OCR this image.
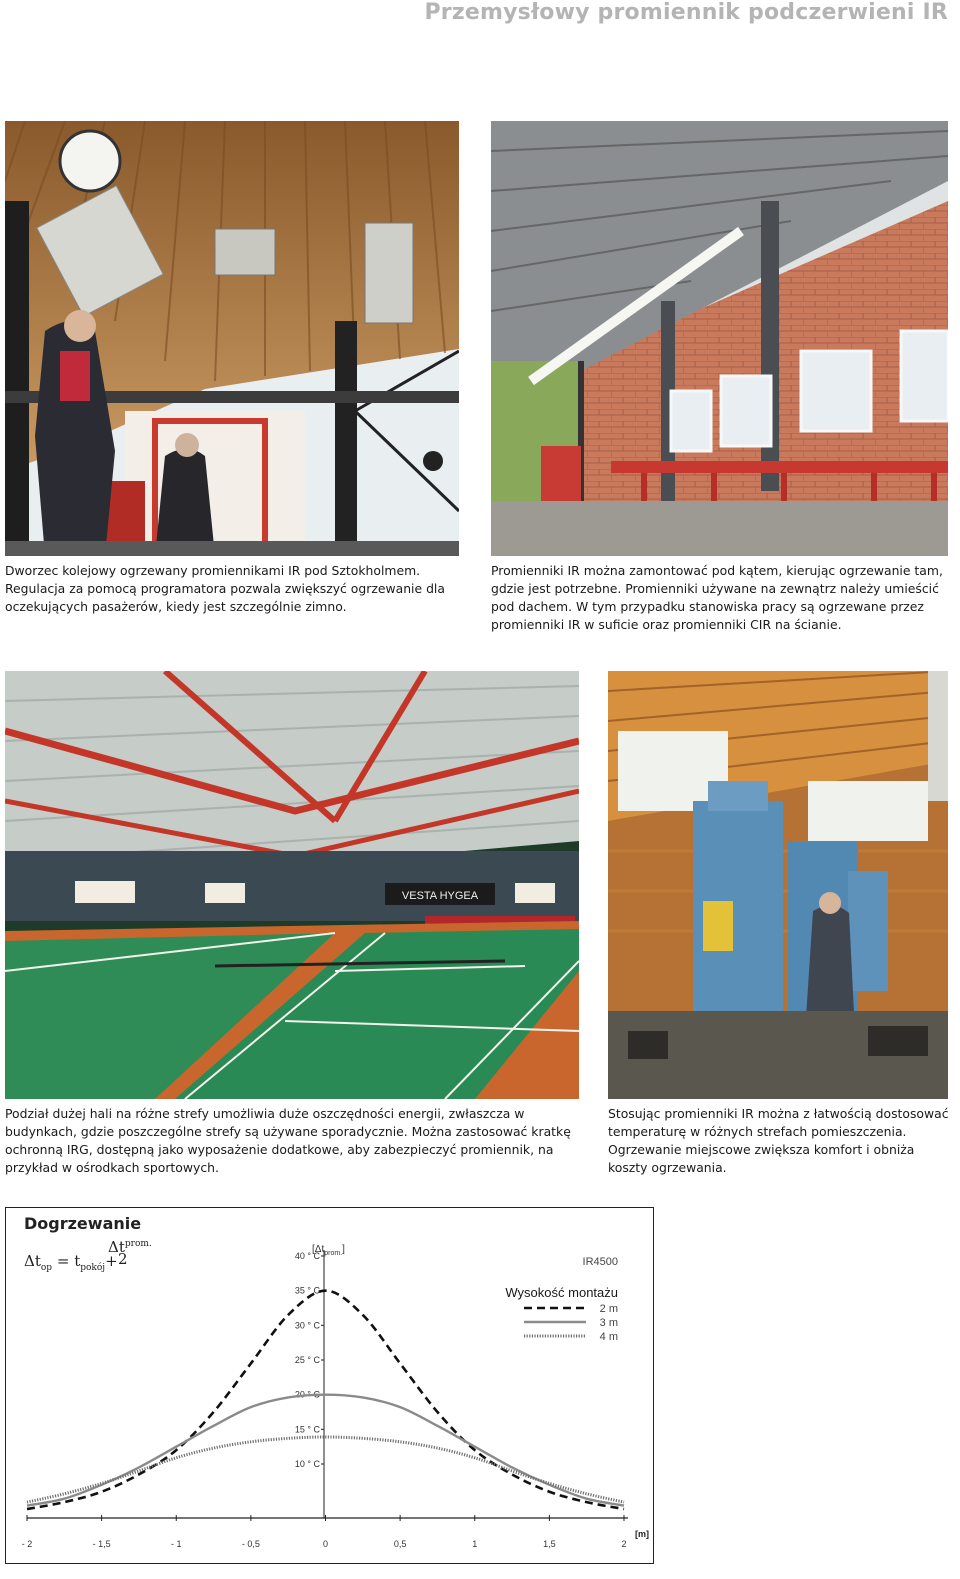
Przemysłowy promiennik podczerwieni IR

Dworzec kolejowy ogrzewany promiennikami IR pod Sztokholmem. Regulacja za pomocą programatora pozwala zwiększyć ogrzewanie dla oczekujących pasażerów, kiedy jest szczególnie zimno.

Promienniki IR można zamontować pod kątem, kierując ogrzewanie tam, gdzie jest potrzebne. Promienniki używane na zewnątrz należy umieścić pod dachem. W tym przypadku stanowiska pracy są ogrzewane przez promienniki IR w suficie oraz promienniki CIR na ścianie.

VESTA HYGEA

Podział dużej hali na różne strefy umożliwia duże oszczędności energii, zwłaszcza w budynkach, gdzie poszczególne strefy są używane sporadycznie. Można zastosować kratkę ochronną IRG, dostępną jako wyposażenie dodatkowe, aby zabezpieczyć promiennik, na przykład w ośrodkach sportowych.

Stosując promienniki IR można z łatwością dostosować temperaturę w różnych strefach pomieszczenia. Ogrzewanie miejscowe zwiększa komfort i obniża koszty ogrzewania.

Dogrzewanie
$\Delta t_{op} = t_{pokój}+$
$\Delta t_{prom.}$
2
- 2	- 1,5	- 1	- 0,5	0	0,5	1	1,5	2
[m]
10 ° C
15 ° C
20 ° C
25 ° C
30 ° C
35 ° C
40 ° C
$[\Delta t_{prom.}]$
IR4500
Wysokość montażu
2 m
3 m
4 m
